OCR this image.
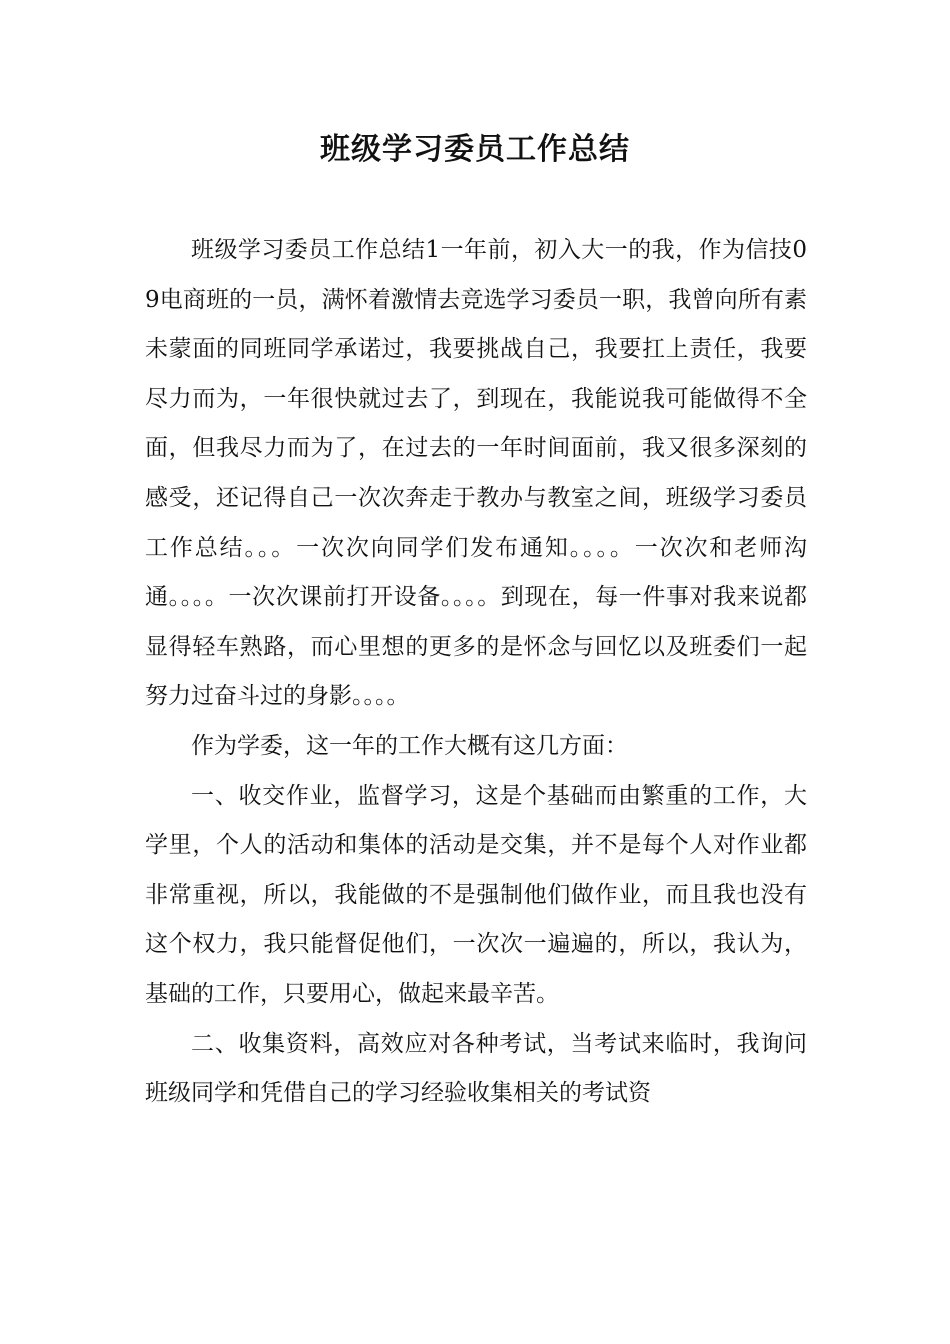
班级学习委员工作总结

班级学习委员工作总结1一年前，初入大一的我，作为信技09电商班的一员，满怀着激情去竞选学习委员一职，我曾向所有素未蒙面的同班同学承诺过，我要挑战自己，我要扛上责任，我要尽力而为，一年很快就过去了，到现在，我能说我可能做得不全面，但我尽力而为了，在过去的一年时间面前，我又很多深刻的感受，还记得自己一次次奔走于教办与教室之间，班级学习委员工作总结。。。一次次向同学们发布通知。。。。一次次和老师沟通。。。。一次次课前打开设备。。。。到现在，每一件事对我来说都显得轻车熟路，而心里想的更多的是怀念与回忆以及班委们一起努力过奋斗过的身影。。。。

作为学委，这一年的工作大概有这几方面：

一、收交作业，监督学习，这是个基础而由繁重的工作，大学里，个人的活动和集体的活动是交集，并不是每个人对作业都非常重视，所以，我能做的不是强制他们做作业，而且我也没有这个权力，我只能督促他们，一次次一遍遍的，所以，我认为，基础的工作，只要用心，做起来最辛苦。

二、收集资料，高效应对各种考试，当考试来临时，我询问班级同学和凭借自己的学习经验收集相关的考试资
